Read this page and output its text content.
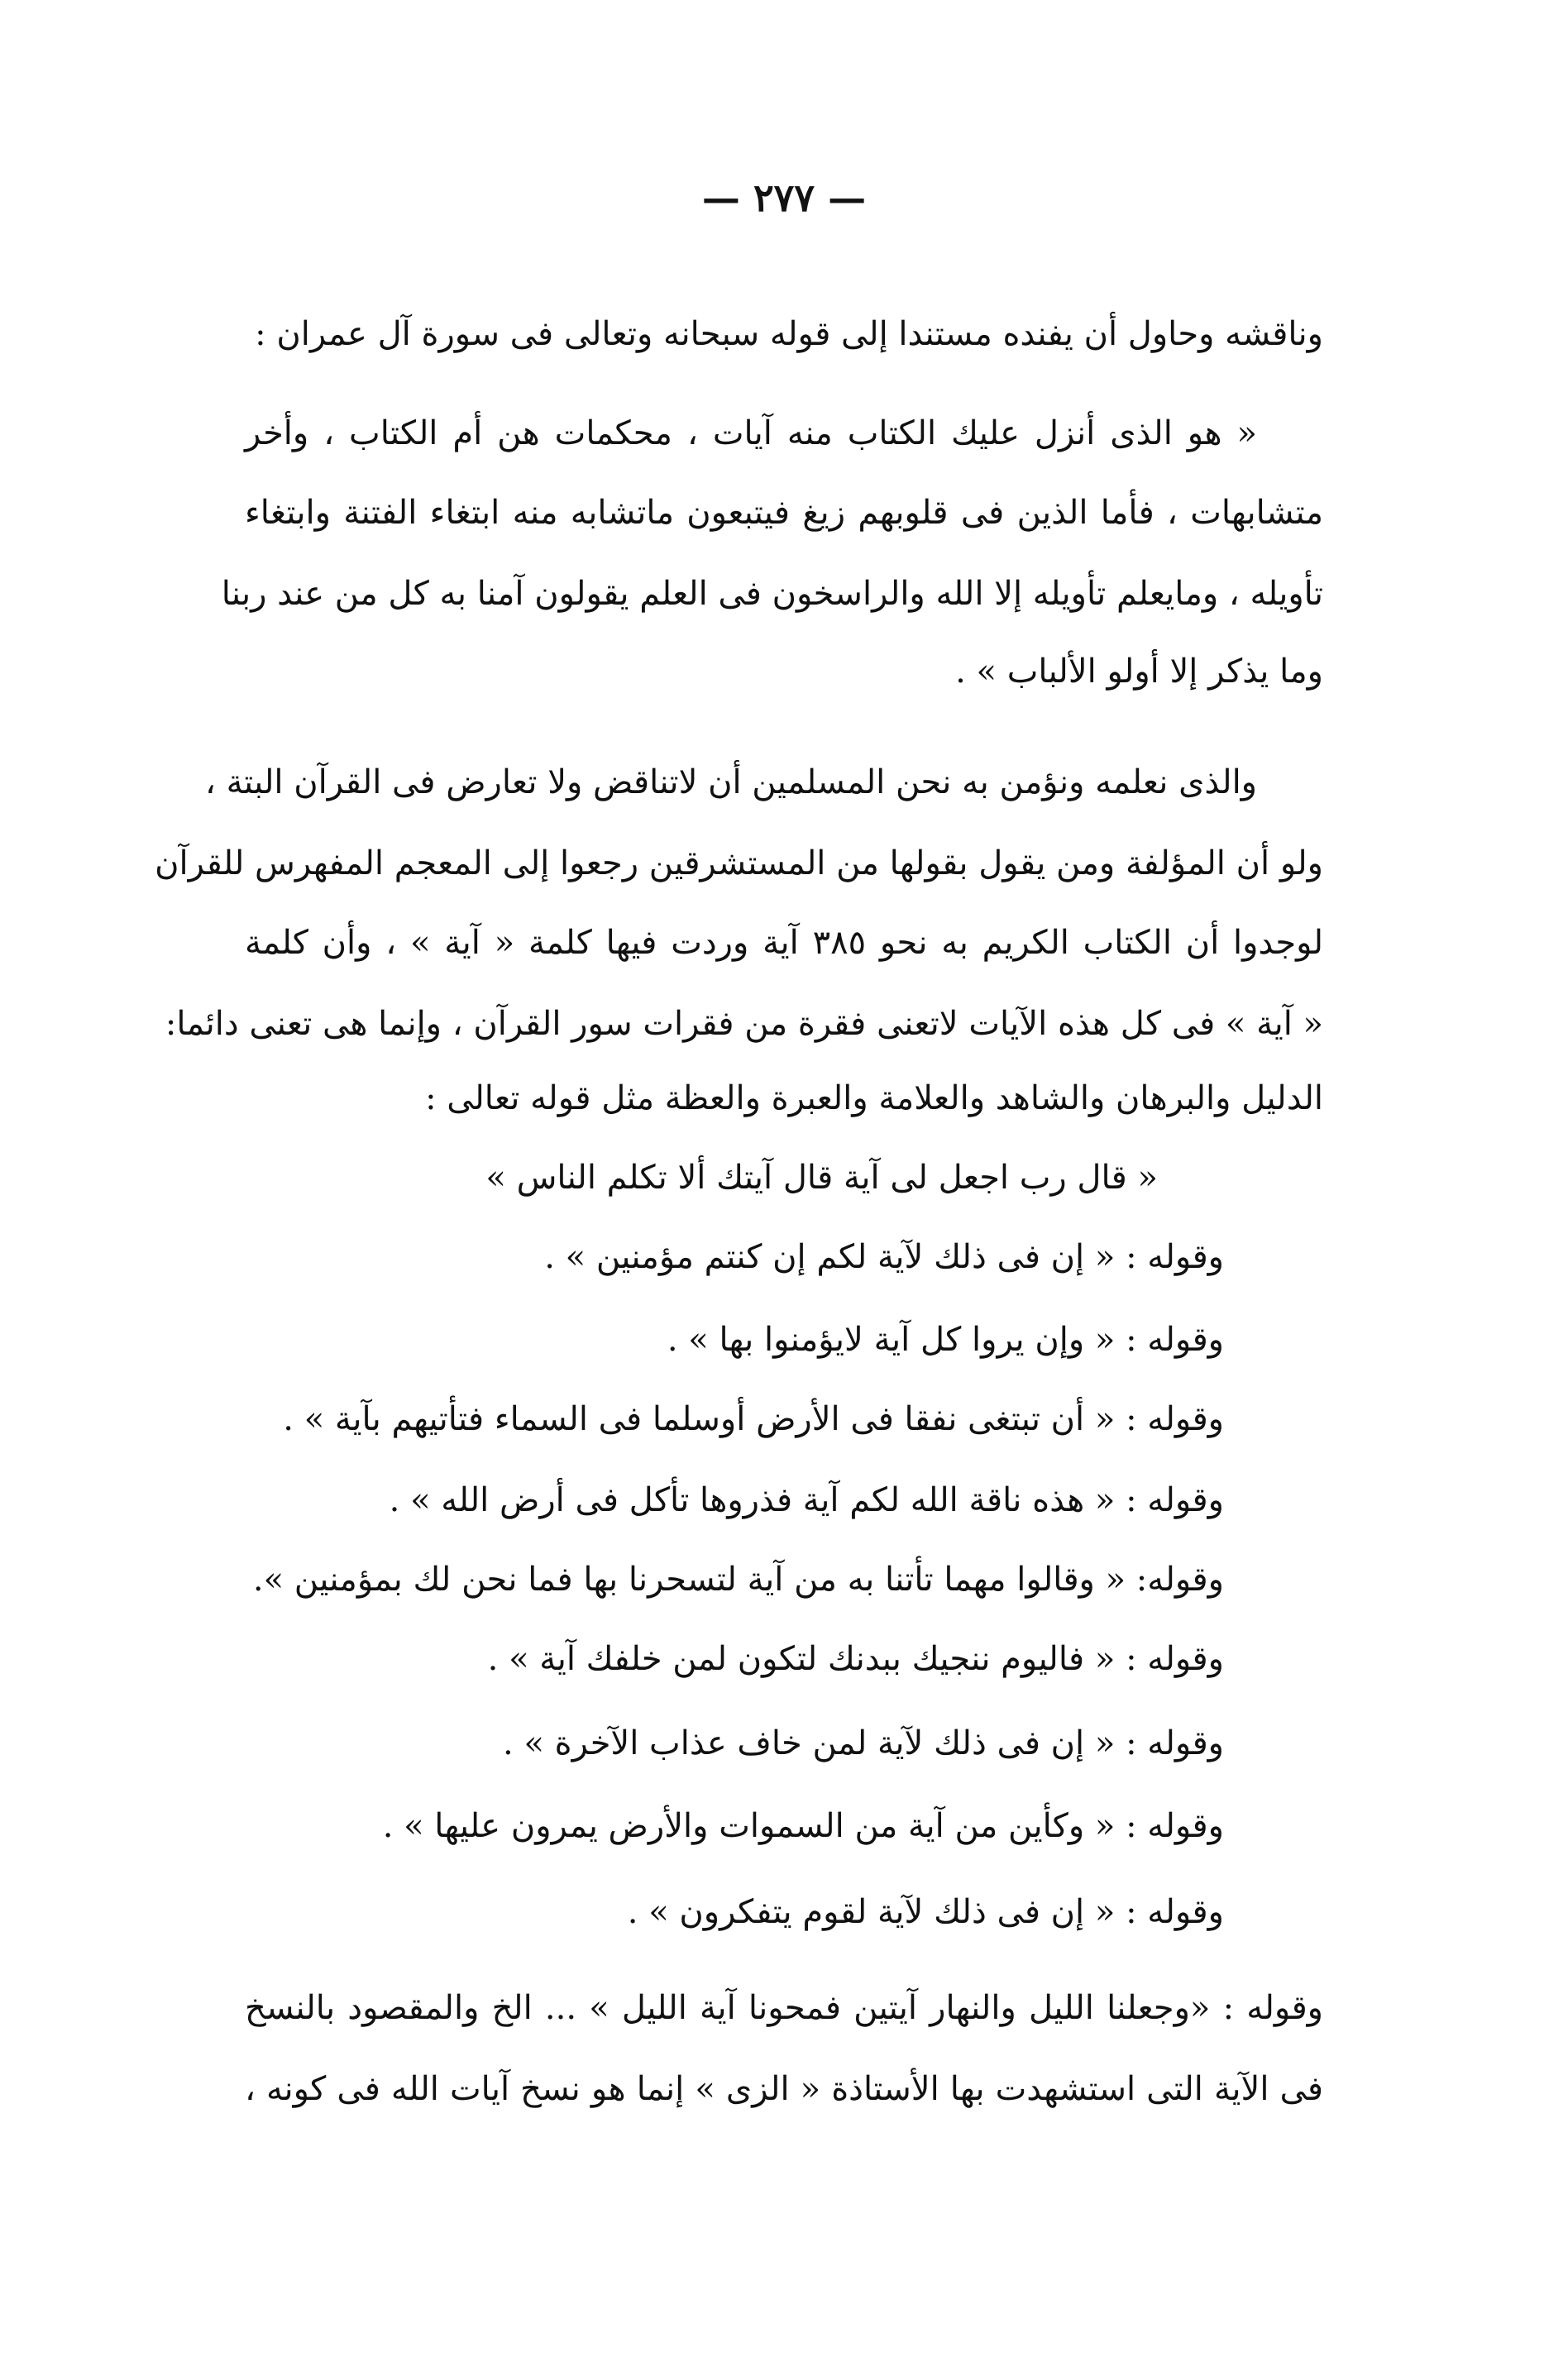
— ٢٧٧ —
وناقشه وحاول أن يفنده مستندا إلى قوله سبحانه وتعالى فى سورة آل عمران :
« هو الذى أنزل عليك الكتاب منه آيات ، محكمات هن أم الكتاب ، وأخر
متشابهات ، فأما الذين فى قلوبهم زيغ فيتبعون ماتشابه منه ابتغاء الفتنة وابتغاء
تأويله ، ومايعلم تأويله إلا الله والراسخون فى العلم يقولون آمنا به كل من عند ربنا
وما يذكر إلا أولو الألباب » .
والذى نعلمه ونؤمن به نحن المسلمين أن لاتناقض ولا تعارض فى القرآن البتة ،
ولو أن المؤلفة ومن يقول بقولها من المستشرقين رجعوا إلى المعجم المفهرس للقرآن
لوجدوا أن الكتاب الكريم به نحو ٣٨٥ آية وردت فيها كلمة « آية » ، وأن كلمة
« آية » فى كل هذه الآيات لاتعنى فقرة من فقرات سور القرآن ، وإنما هى تعنى دائما:
الدليل والبرهان والشاهد والعلامة والعبرة والعظة مثل قوله تعالى :
« قال رب اجعل لى آية قال آيتك ألا تكلم الناس »
وقوله : « إن فى ذلك لآية لكم إن كنتم مؤمنين » .
وقوله : « وإن يروا كل آية لايؤمنوا بها » .
وقوله : « أن تبتغى نفقا فى الأرض أوسلما فى السماء فتأتيهم بآية » .
وقوله : « هذه ناقة الله لكم آية فذروها تأكل فى أرض الله » .
وقوله: « وقالوا مهما تأتنا به من آية لتسحرنا بها فما نحن لك بمؤمنين ».
وقوله : « فاليوم ننجيك ببدنك لتكون لمن خلفك آية » .
وقوله : « إن فى ذلك لآية لمن خاف عذاب الآخرة » .
وقوله : « وكأين من آية من السموات والأرض يمرون عليها » .
وقوله : « إن فى ذلك لآية لقوم يتفكرون » .
وقوله : «وجعلنا الليل والنهار آيتين فمحونا آية الليل » ... الخ والمقصود بالنسخ
فى الآية التى استشهدت بها الأستاذة « الزى » إنما هو نسخ آيات الله فى كونه ،
